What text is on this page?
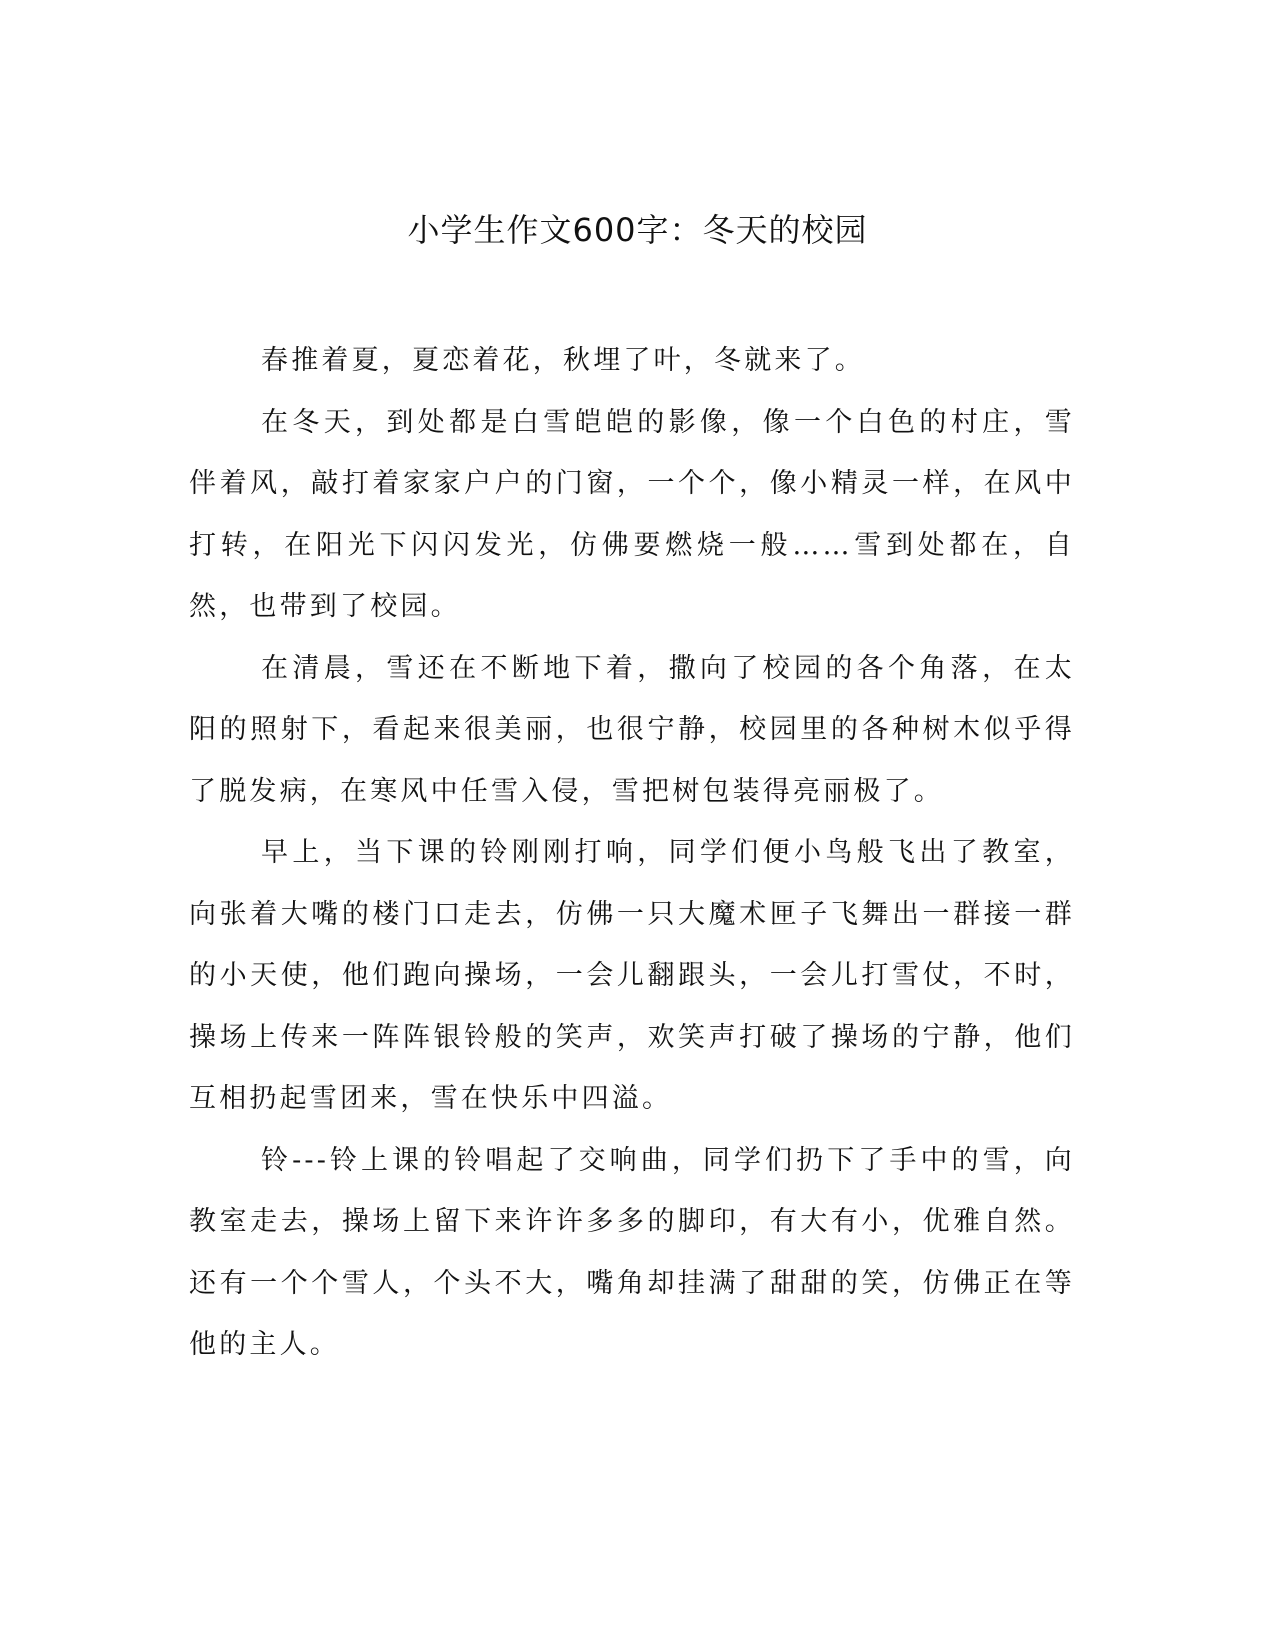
小学生作文600字：冬天的校园

春推着夏，夏恋着花，秋埋了叶，冬就来了。

在冬天，到处都是白雪皑皑的影像，像一个白色的村庄，雪伴着风，敲打着家家户户的门窗，一个个，像小精灵一样，在风中打转，在阳光下闪闪发光，仿佛要燃烧一般……雪到处都在，自然，也带到了校园。

在清晨，雪还在不断地下着，撒向了校园的各个角落，在太阳的照射下，看起来很美丽，也很宁静，校园里的各种树木似乎得了脱发病，在寒风中任雪入侵，雪把树包装得亮丽极了。

早上，当下课的铃刚刚打响，同学们便小鸟般飞出了教室，向张着大嘴的楼门口走去，仿佛一只大魔术匣子飞舞出一群接一群的小天使，他们跑向操场，一会儿翻跟头，一会儿打雪仗，不时，操场上传来一阵阵银铃般的笑声，欢笑声打破了操场的宁静，他们互相扔起雪团来，雪在快乐中四溢。

铃---铃上课的铃唱起了交响曲，同学们扔下了手中的雪，向教室走去，操场上留下来许许多多的脚印，有大有小，优雅自然。还有一个个雪人，个头不大，嘴角却挂满了甜甜的笑，仿佛正在等他的主人。
